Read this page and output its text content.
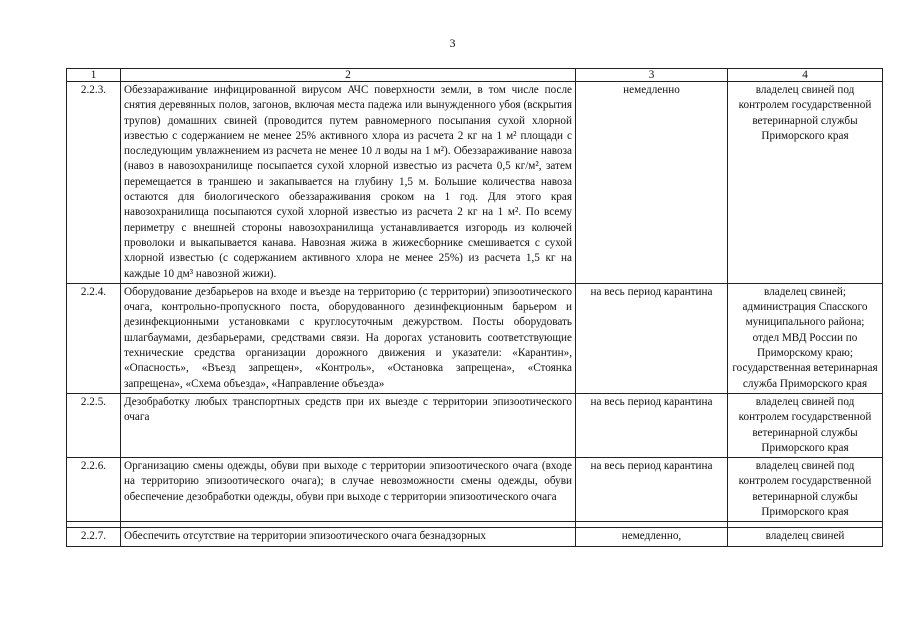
3
1	2	3	4
2.2.3.	Обеззараживание инфицированной вирусом АЧС поверхности земли, в том числе после снятия деревянных полов, загонов, включая места падежа или вынужденного убоя (вскрытия трупов) домашних свиней (проводится путем равномерного посыпания сухой хлорной известью с содержанием не менее 25% активного хлора из расчета 2 кг на 1 м² площади с последующим увлажнением из расчета не менее 10 л воды на 1 м²). Обеззараживание навоза (навоз в навозохранилище посыпается сухой хлорной известью из расчета 0,5 кг/м², затем перемещается в траншею и закапывается на глубину 1,5 м. Большие количества навоза остаются для биологического обеззараживания сроком на 1 год. Для этого края навозохранилища посыпаются сухой хлорной известью из расчета 2 кг на 1 м². По всему периметру с внешней стороны навозохранилища устанавливается изгородь из колючей проволоки и выкапывается канава. Навозная жижа в жижесборнике смешивается с сухой хлорной известью (с содержанием активного хлора не менее 25%) из расчета 1,5 кг на каждые 10 дм³ навозной жижи).	немедленно	владелец свиней под контролем государственной ветеринарной службы Приморского края
2.2.4.	Оборудование дезбарьеров на входе и въезде на территорию (с территории) эпизоотического очага, контрольно-пропускного поста, оборудованного дезинфекционным барьером и дезинфекционными установками с круглосуточным дежурством. Посты оборудовать шлагбаумами, дезбарьерами, средствами связи. На дорогах установить соответствующие технические средства организации дорожного движения и указатели: «Карантин», «Опасность», «Въезд запрещен», «Контроль», «Остановка запрещена», «Стоянка запрещена», «Схема объезда», «Направление объезда»	на весь период карантина	владелец свиней; администрация Спасского муниципального района; отдел МВД России по Приморскому краю; государственная ветеринарная служба Приморского края
2.2.5.	Дезобработку любых транспортных средств при их выезде с территории эпизоотического очага	на весь период карантина	владелец свиней под контролем государственной ветеринарной службы Приморского края
2.2.6.	Организацию смены одежды, обуви при выходе с территории эпизоотического очага (входе на территорию эпизоотического очага); в случае невозможности смены одежды, обуви обеспечение дезобработки одежды, обуви при выходе с территории эпизоотического очага	на весь период карантина	владелец свиней под контролем государственной ветеринарной службы Приморского края

2.2.7.	Обеспечить отсутствие на территории эпизоотического очага безнадзорных	немедленно,	владелец свиней
